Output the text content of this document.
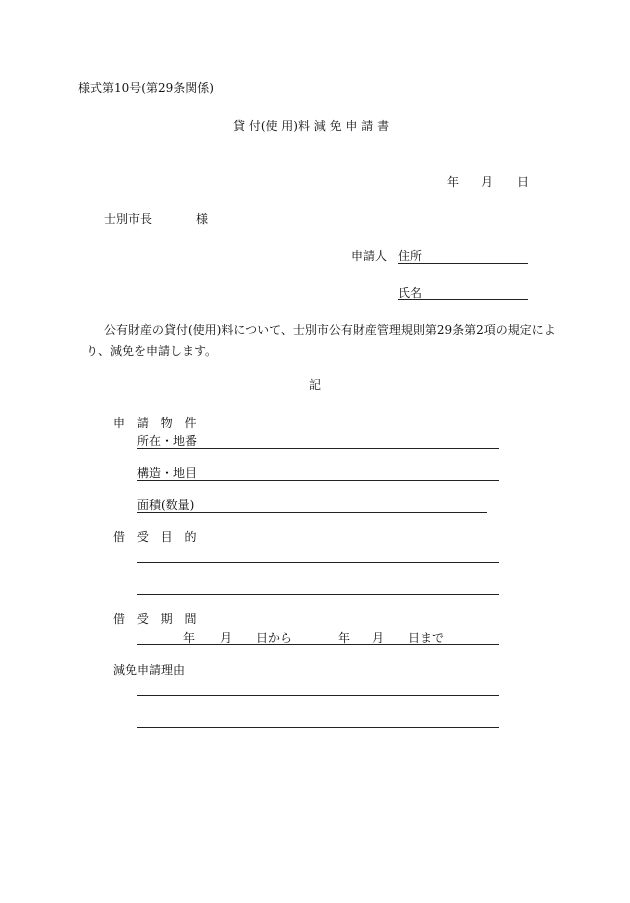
様式第10号(第29条関係)
貸 付(使 用)料 減 免 申 請 書
年 月 日
士別市長	様
申請人 住所
氏名
公有財産の貸付(使用)料について、士別市公有財産管理規則第29条第2項の規定によ
り、減免を申請します。
記
申 請 物 件
所在・地番
構造・地目
面積(数量)
借 受 目 的
借 受 期 間
年 月 日から	年 月 日まで
減免申請理由
